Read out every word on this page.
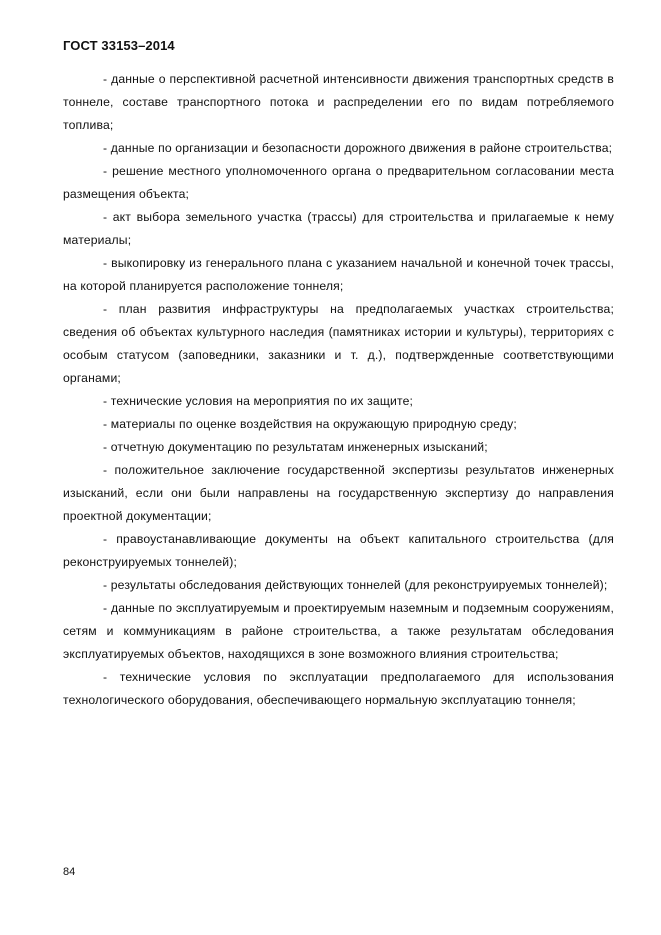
ГОСТ 33153–2014

- данные о перспективной расчетной интенсивности движения транспортных средств в тоннеле, составе транспортного потока и распределении его по видам потребляемого топлива;

- данные по организации и безопасности дорожного движения в районе строительства;

- решение местного уполномоченного органа о предварительном согласовании места размещения объекта;

- акт выбора земельного участка (трассы) для строительства и прилагаемые к нему материалы;

- выкопировку из генерального плана с указанием начальной и конечной точек трассы, на которой планируется расположение тоннеля;

- план развития инфраструктуры на предполагаемых участках строительства; сведения об объектах культурного наследия (памятниках истории и культуры), территориях с особым статусом (заповедники, заказники и т. д.), подтвержденные соответствующими органами;

- технические условия на мероприятия по их защите;

- материалы по оценке воздействия на окружающую природную среду;

- отчетную документацию по результатам инженерных изысканий;

- положительное заключение государственной экспертизы результатов инженерных изысканий, если они были направлены на государственную экспертизу до направления проектной документации;

- правоустанавливающие документы на объект капитального строительства (для реконструируемых тоннелей);

- результаты обследования действующих тоннелей (для реконструируемых тоннелей);

- данные по эксплуатируемым и проектируемым наземным и подземным сооружениям, сетям и коммуникациям в районе строительства, а также результатам обследования эксплуатируемых объектов, находящихся в зоне возможного влияния строительства;

- технические условия по эксплуатации предполагаемого для использования технологического оборудования, обеспечивающего нормальную эксплуатацию тоннеля;

84
